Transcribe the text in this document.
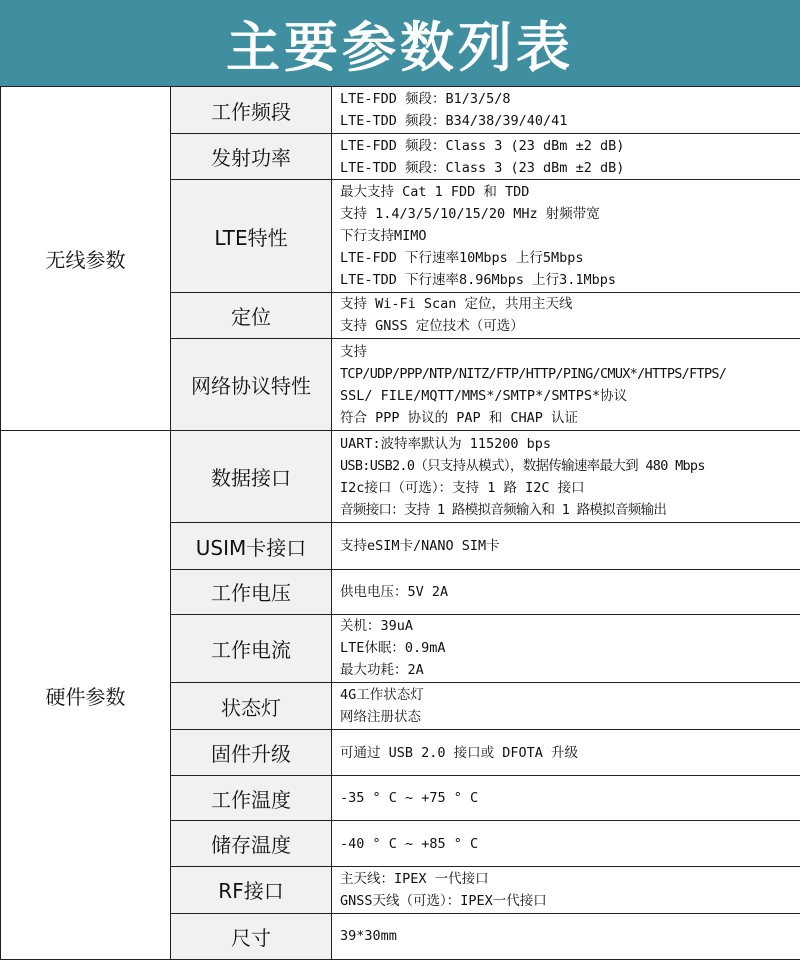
主要参数列表
无线参数	工作频段	LTE-FDD 频段：B1/3/5/8
LTE-TDD 频段：B34/38/39/40/41

	发射功率	LTE-FDD 频段：Class 3 (23 dBm ±2 dB)
LTE-TDD 频段：Class 3 (23 dBm ±2 dB)

	LTE特性	最大支持 Cat 1 FDD 和 TDD
支持 1.4/3/5/10/15/20 MHz 射频带宽
下行支持MIMO
LTE-FDD 下行速率10Mbps 上行5Mbps
LTE-TDD 下行速率8.96Mbps 上行3.1Mbps

	定位	支持 Wi-Fi Scan 定位，共用主天线
支持 GNSS 定位技术（可选）

	网络协议特性	支持
TCP/UDP/PPP/NTP/NITZ/FTP/HTTP/PING/CMUX*/HTTPS/FTPS/
SSL/ FILE/MQTT/MMS*/SMTP*/SMTPS*协议
符合 PPP 协议的 PAP 和 CHAP 认证

硬件参数	数据接口	UART:波特率默认为 115200 bps
USB:USB2.0（只支持从模式），数据传输速率最大到 480 Mbps
I2c接口（可选）：支持 1 路 I2C 接口
音频接口：支持 1 路模拟音频输入和 1 路模拟音频输出

	USIM卡接口	支持eSIM卡/NANO SIM卡

	工作电压	供电电压：5V 2A

	工作电流	关机：39uA
LTE休眠：0.9mA
最大功耗：2A

	状态灯	4G工作状态灯
网络注册状态

	固件升级	可通过 USB 2.0 接口或 DFOTA 升级

	工作温度	-35 ° C ~ +75 ° C

	储存温度	-40 ° C ~ +85 ° C

	RF接口	主天线：IPEX 一代接口
GNSS天线（可选）：IPEX一代接口

	尺寸	39*30mm
